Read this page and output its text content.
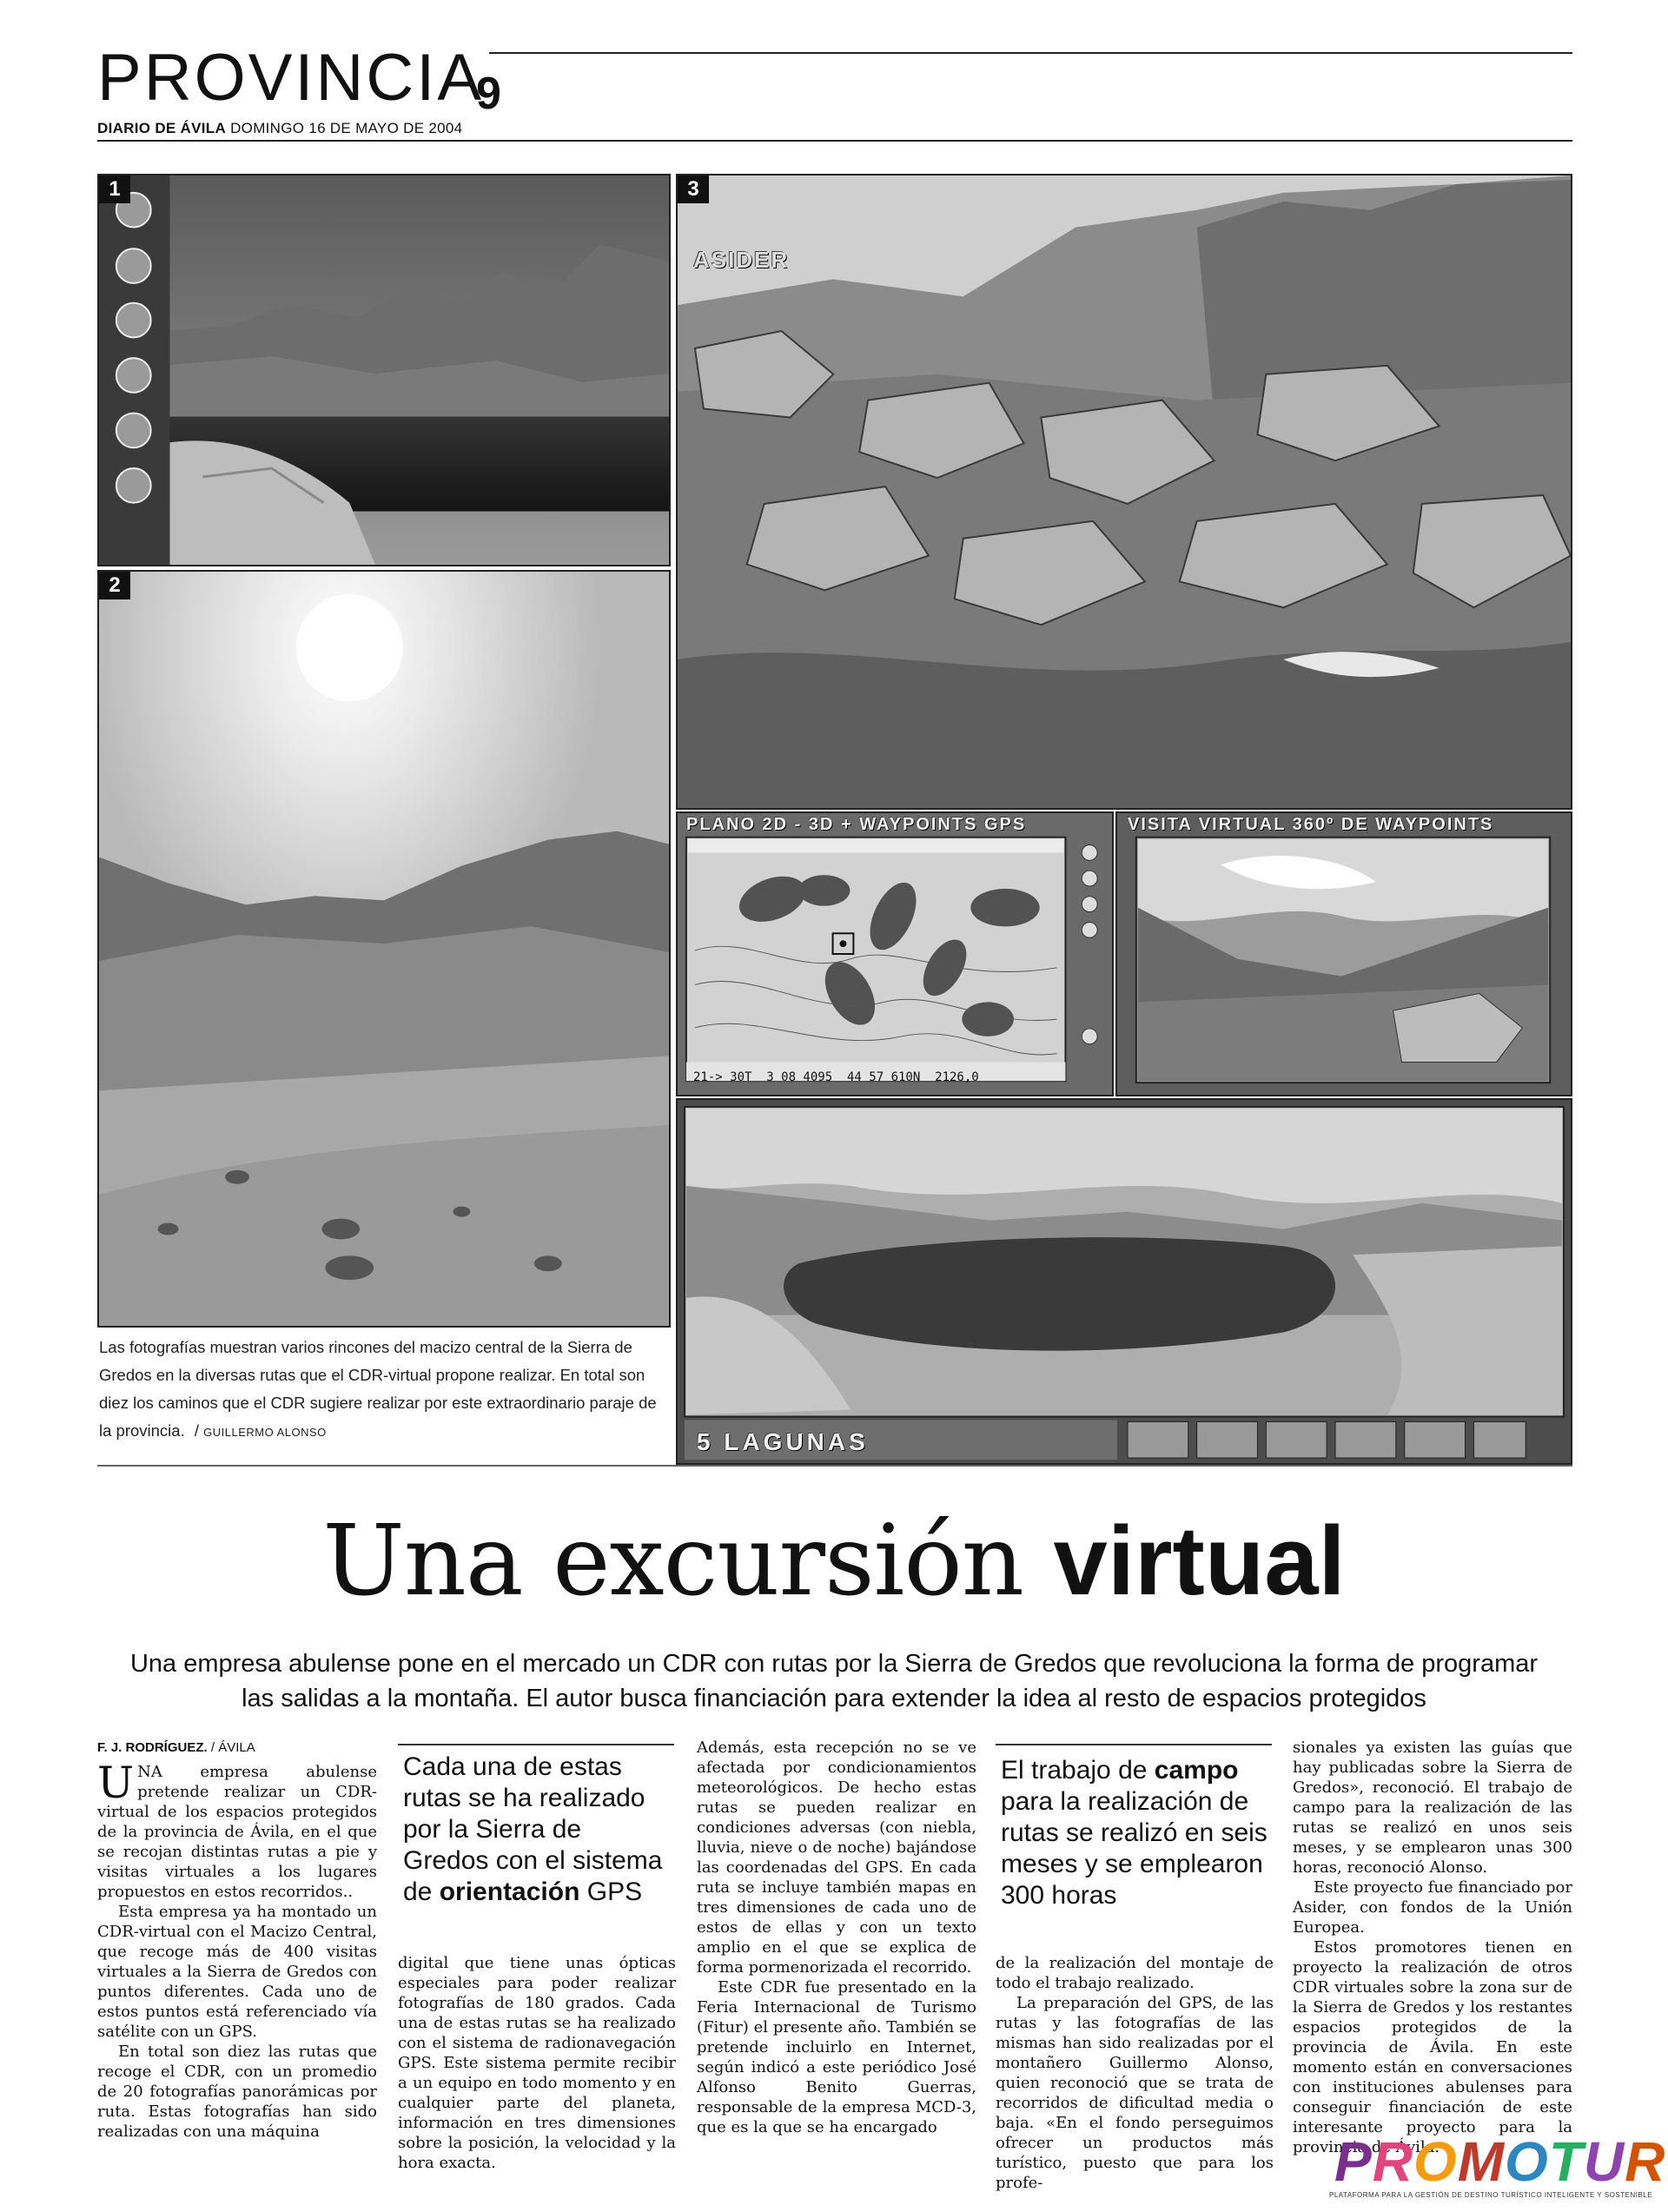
PROVINCIA
9
DIARIO DE ÁVILA DOMINGO 16 DE MAYO DE 2004
1
2
3
ASIDER
PLANO 2D - 3D + WAYPOINTS GPS
21-> 30T  3 08 4095  44 57 610N  2126,0
VISITA VIRTUAL 360º DE WAYPOINTS
5 LAGUNAS
Las fotografías muestran varios rincones del macizo central de la Sierra de Gredos en la diversas rutas que el CDR-virtual propone realizar. En total son diez los caminos que el CDR sugiere realizar por este extraordinario paraje de la provincia. / GUILLERMO ALONSO
Una excursión virtual
Una empresa abulense pone en el mercado un CDR con rutas por la Sierra de Gredos que revoluciona la forma de programar las salidas a la montaña. El autor busca financiación para extender la idea al resto de espacios protegidos
F. J. RODRÍGUEZ. / ÁVILA

UNA empresa abulense pretende realizar un CDR-virtual de los espacios protegidos de la provincia de Ávila, en el que se recojan distintas rutas a pie y visitas virtuales a los lugares propuestos en estos recorridos..

Esta empresa ya ha montado un CDR-virtual con el Macizo Central, que recoge más de 400 visitas virtuales a la Sierra de Gredos con puntos diferentes. Cada uno de estos puntos está referenciado vía satélite con un GPS.

En total son diez las rutas que recoge el CDR, con un promedio de 20 fotografías panorámicas por ruta. Estas fotografías han sido realizadas con una máquina

Cada una de estas rutas se ha realizado por la Sierra de Gredos con el sistema de orientación GPS

digital que tiene unas ópticas especiales para poder realizar fotografías de 180 grados. Cada una de estas rutas se ha realizado con el sistema de radionavegación GPS. Este sistema permite recibir a un equipo en todo momento y en cualquier parte del planeta, información en tres dimensiones sobre la posición, la velocidad y la hora exacta.

Además, esta recepción no se ve afectada por condicionamientos meteorológicos. De hecho estas rutas se pueden realizar en condiciones adversas (con niebla, lluvia, nieve o de noche) bajándose las coordenadas del GPS. En cada ruta se incluye también mapas en tres dimensiones de cada uno de estos de ellas y con un texto amplio en el que se explica de forma pormenorizada el recorrido.

Este CDR fue presentado en la Feria Internacional de Turismo (Fitur) el presente año. También se pretende incluirlo en Internet, según indicó a este periódico José Alfonso Benito Guerras, responsable de la empresa MCD-3, que es la que se ha encargado

El trabajo de campo para la realización de rutas se realizó en seis meses y se emplearon 300 horas

de la realización del montaje de todo el trabajo realizado.

La preparación del GPS, de las rutas y las fotografías de las mismas han sido realizadas por el montañero Guillermo Alonso, quien reconoció que se trata de recorridos de dificultad media o baja. «En el fondo perseguimos ofrecer un productos más turístico, puesto que para los profe-

sionales ya existen las guías que hay publicadas sobre la Sierra de Gredos», reconoció. El trabajo de campo para la realización de las rutas se realizó en unos seis meses, y se emplearon unas 300 horas, reconoció Alonso.

Este proyecto fue financiado por Asider, con fondos de la Unión Europea.

Estos promotores tienen en proyecto la realización de otros CDR virtuales sobre la zona sur de la Sierra de Gredos y los restantes espacios protegidos de la provincia de Ávila. En este momento están en conversaciones con instituciones abulenses para conseguir financiación de este interesante proyecto para la provincia de Ávila.

PROMOTUR
PLATAFORMA PARA LA GESTIÓN DE DESTINO TURÍSTICO INTELIGENTE Y SOSTENIBLE
